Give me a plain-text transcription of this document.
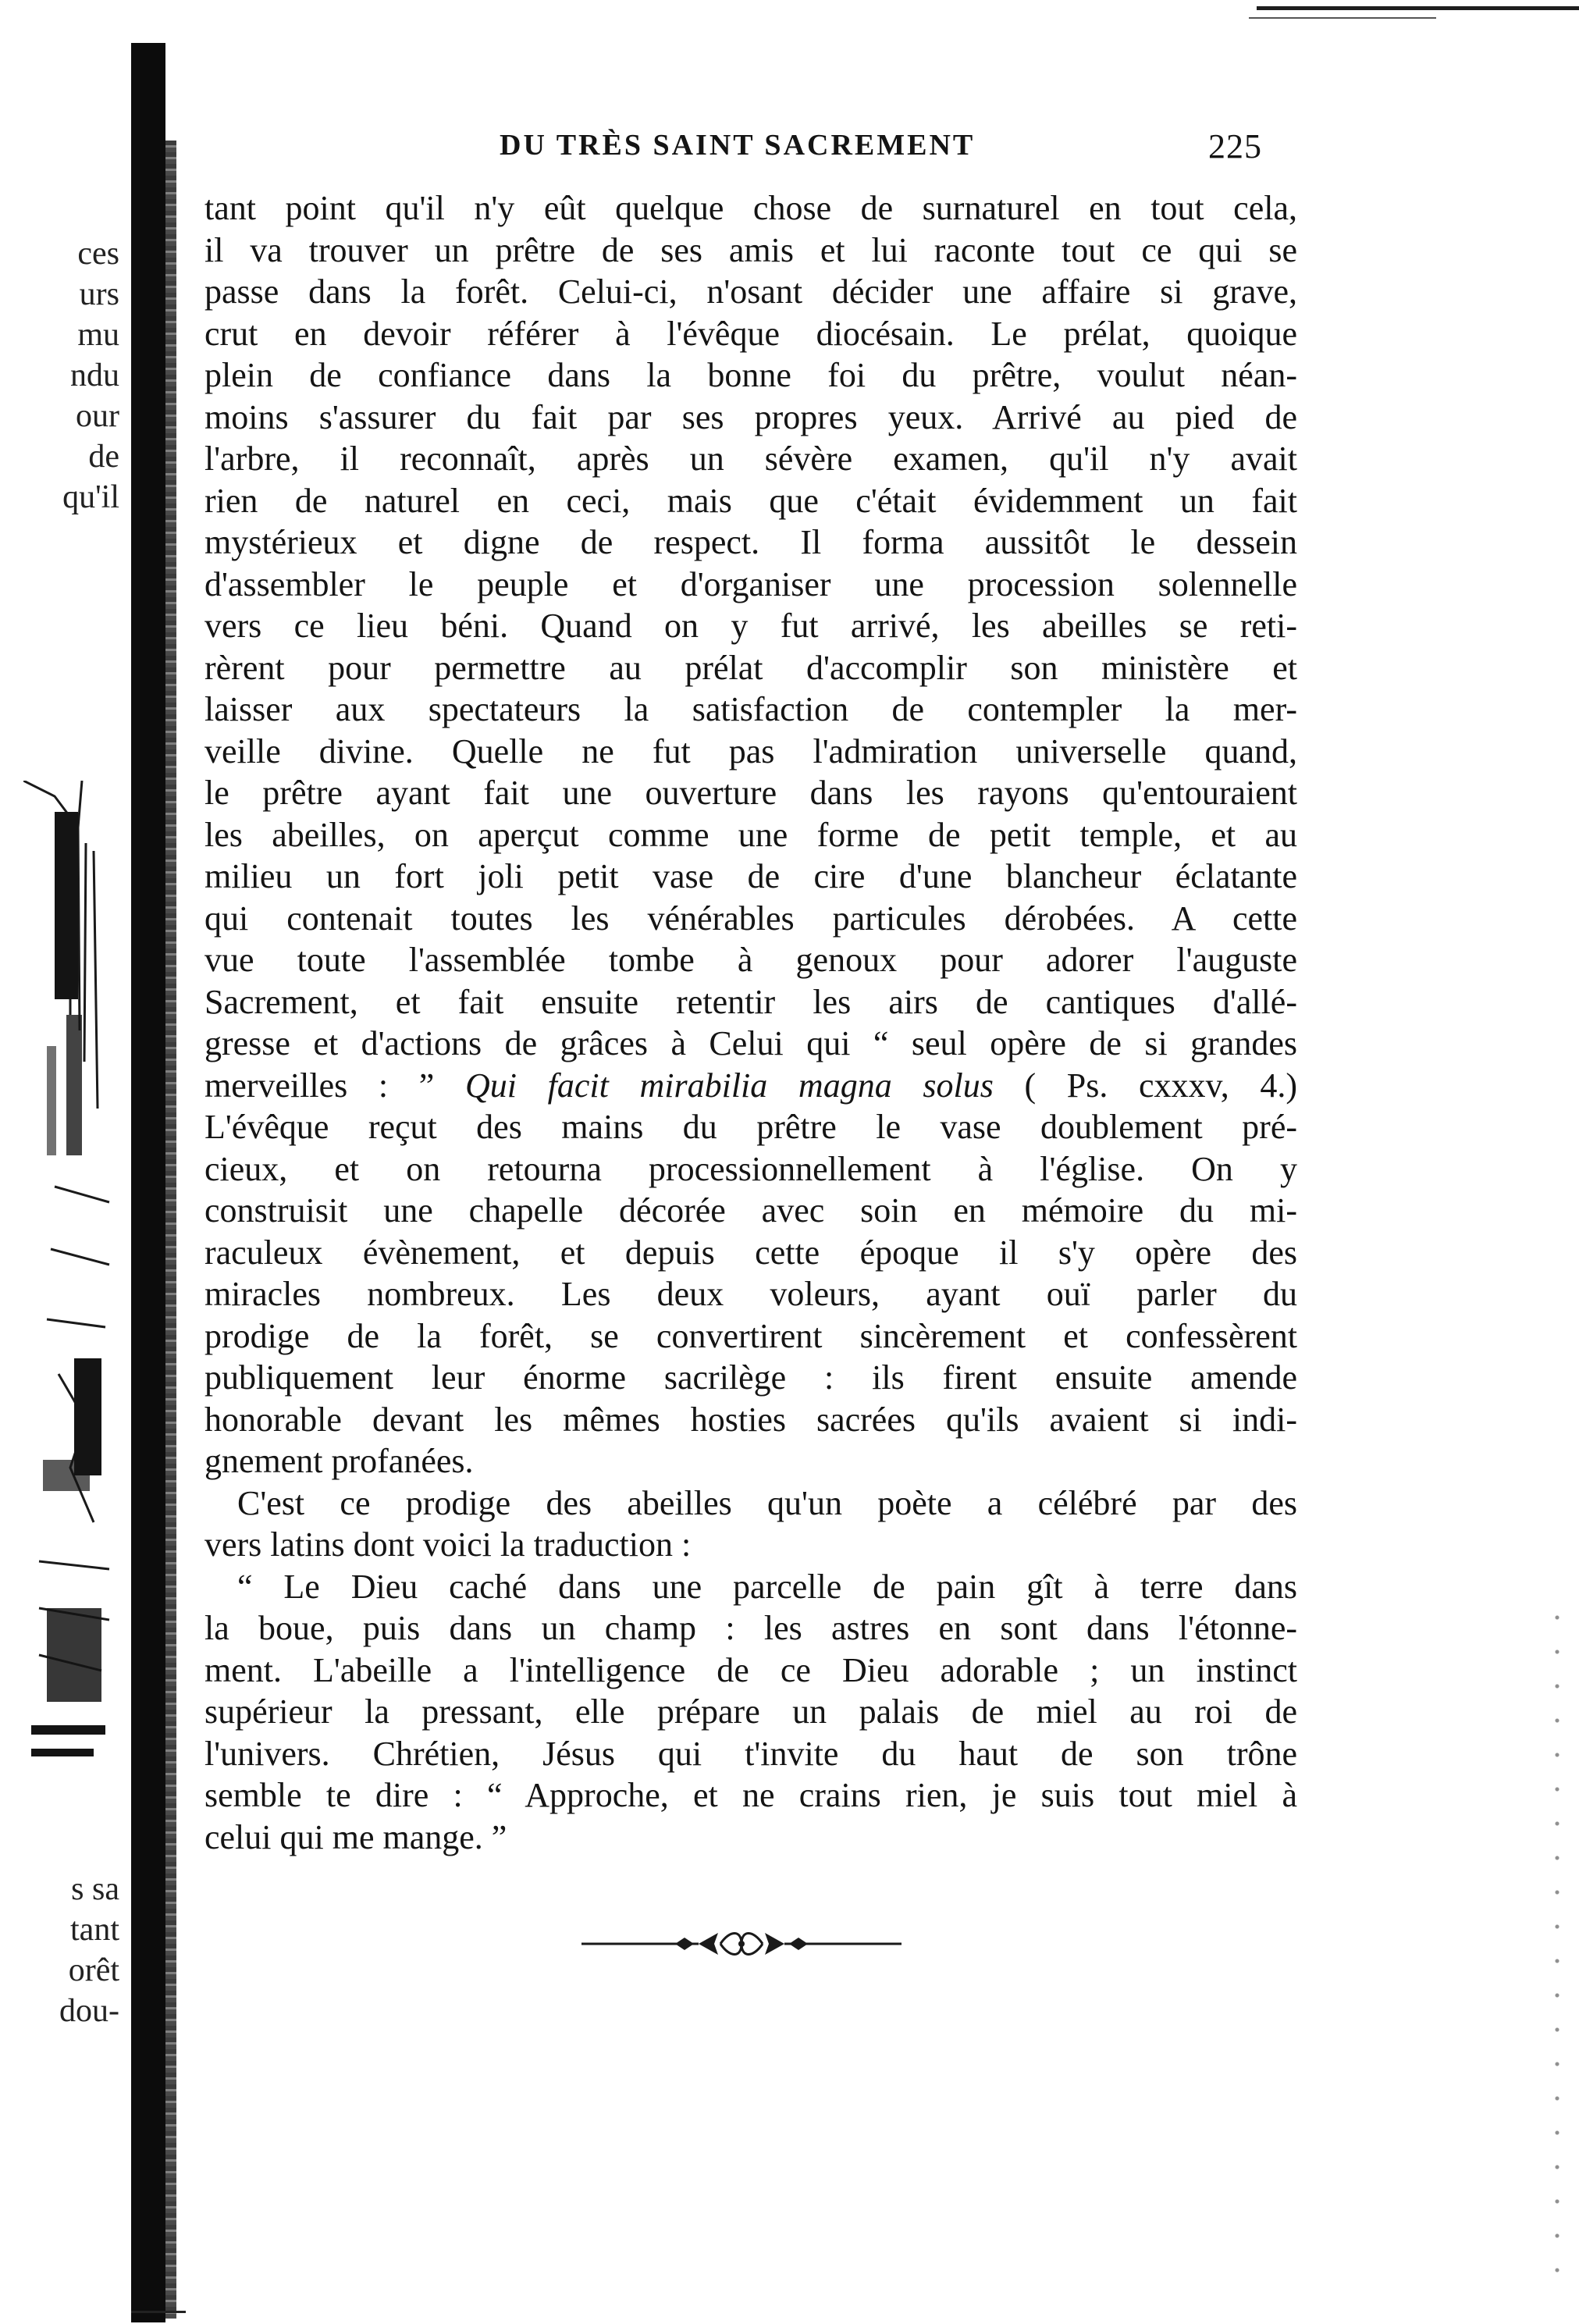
ces
urs
mu
ndu
our
de
qu'il
s sa
tant
orêt
dou-
DU TRÈS SAINT SACREMENT	225
tant point qu'il n'y eût quelque chose de surnaturel en tout cela,
il va trouver un prêtre de ses amis et lui raconte tout ce qui se
passe dans la forêt. Celui-ci, n'osant décider une affaire si grave,
crut en devoir référer à l'évêque diocésain. Le prélat, quoique
plein de confiance dans la bonne foi du prêtre, voulut néan-
moins s'assurer du fait par ses propres yeux. Arrivé au pied de
l'arbre, il reconnaît, après un sévère examen, qu'il n'y avait
rien de naturel en ceci, mais que c'était évidemment un fait
mystérieux et digne de respect. Il forma aussitôt le dessein
d'assembler le peuple et d'organiser une procession solennelle
vers ce lieu béni. Quand on y fut arrivé, les abeilles se reti-
rèrent pour permettre au prélat d'accomplir son ministère et
laisser aux spectateurs la satisfaction de contempler la mer-
veille divine. Quelle ne fut pas l'admiration universelle quand,
le prêtre ayant fait une ouverture dans les rayons qu'entouraient
les abeilles, on aperçut comme une forme de petit temple, et au
milieu un fort joli petit vase de cire d'une blancheur éclatante
qui contenait toutes les vénérables particules dérobées. A cette
vue toute l'assemblée tombe à genoux pour adorer l'auguste
Sacrement, et fait ensuite retentir les airs de cantiques d'allé-
gresse et d'actions de grâces à Celui qui “ seul opère de si grandes
merveilles : ” Qui facit mirabilia magna solus ( Ps. cxxxv, 4.)
L'évêque reçut des mains du prêtre le vase doublement pré-
cieux, et on retourna processionnellement à l'église. On y
construisit une chapelle décorée avec soin en mémoire du mi-
raculeux évènement, et depuis cette époque il s'y opère des
miracles nombreux. Les deux voleurs, ayant ouï parler du
prodige de la forêt, se convertirent sincèrement et confessèrent
publiquement leur énorme sacrilège : ils firent ensuite amende
honorable devant les mêmes hosties sacrées qu'ils avaient si indi-
gnement profanées.
C'est ce prodige des abeilles qu'un poète a célébré par des
vers latins dont voici la traduction :
“ Le Dieu caché dans une parcelle de pain gît à terre dans
la boue, puis dans un champ : les astres en sont dans l'étonne-
ment. L'abeille a l'intelligence de ce Dieu adorable ; un instinct
supérieur la pressant, elle prépare un palais de miel au roi de
l'univers. Chrétien, Jésus qui t'invite du haut de son trône
semble te dire : “ Approche, et ne crains rien, je suis tout miel à
celui qui me mange. ”
